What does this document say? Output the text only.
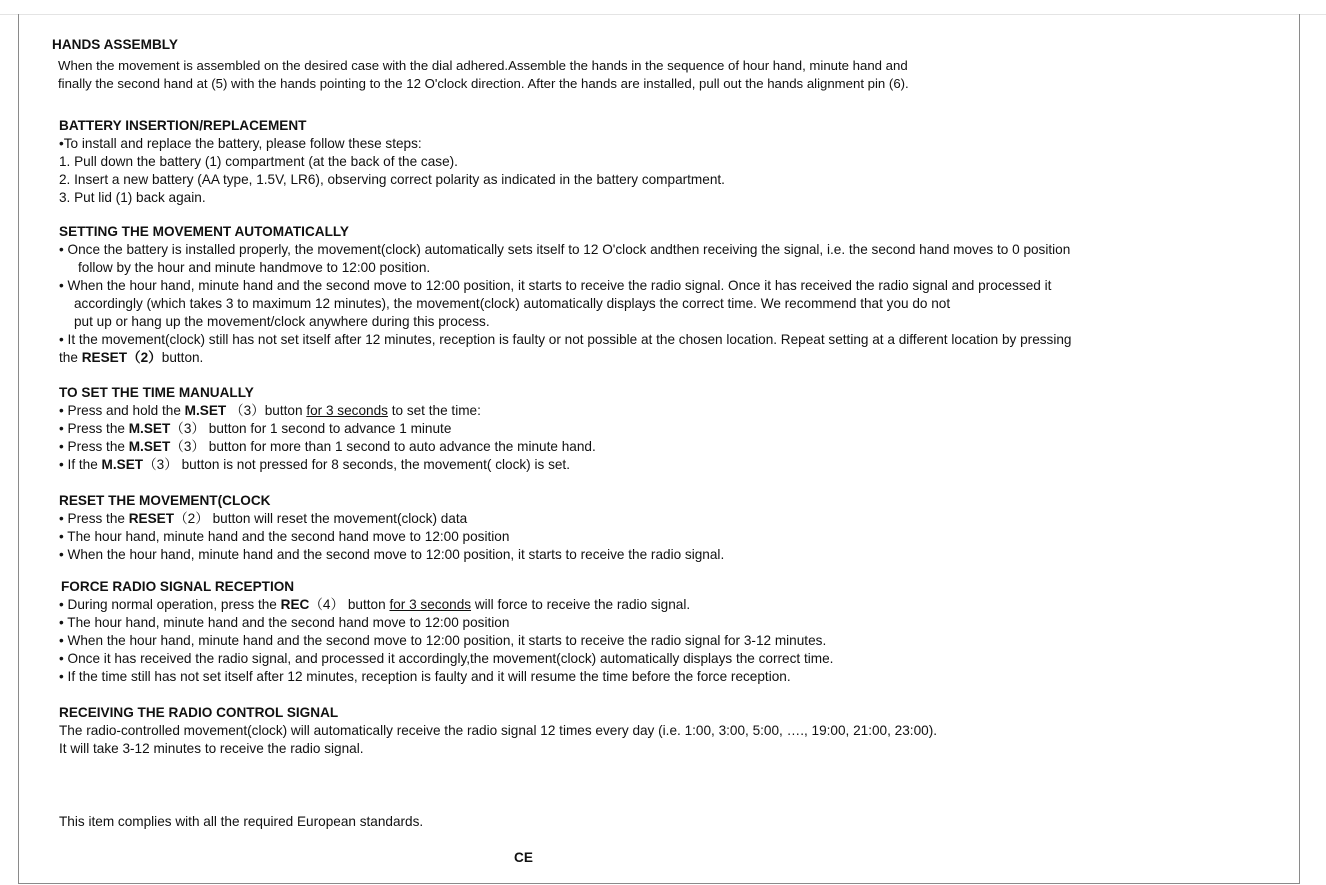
HANDS ASSEMBLY
When the movement is assembled on the desired case with the dial adhered.Assemble the hands in the sequence of hour hand, minute hand and
finally the second hand at (5) with the hands pointing to the 12 O'clock direction. After the hands are installed, pull out the hands alignment pin (6).
BATTERY INSERTION/REPLACEMENT
•To install and replace the battery, please follow these steps:
1. Pull down the battery (1) compartment (at the back of the case).
2. Insert a new battery (AA type, 1.5V, LR6), observing correct polarity as indicated in the battery compartment.
3. Put lid (1) back again.
SETTING THE MOVEMENT AUTOMATICALLY
• Once the battery is installed properly, the movement(clock) automatically sets itself to 12 O'clock andthen receiving the signal, i.e. the second hand moves to 0 position
follow by the hour and minute handmove to 12:00 position.
• When the hour hand, minute hand and the second move to 12:00 position, it starts to receive the radio signal. Once it has received the radio signal and processed it
accordingly (which takes 3 to maximum 12 minutes), the movement(clock) automatically displays the correct time. We recommend that you do not
put up or hang up the movement/clock anywhere during this process.
• It the movement(clock) still has not set itself after 12 minutes, reception is faulty or not possible at the chosen location. Repeat setting at a different location by pressing
the RESET（2）button.
TO SET THE TIME MANUALLY
• Press and hold the M.SET （3）button for 3 seconds to set the time:
• Press the M.SET（3） button for 1 second to advance 1 minute
• Press the M.SET（3） button for more than 1 second to auto advance the minute hand.
• If the M.SET（3） button is not pressed for 8 seconds, the movement( clock) is set.
RESET THE MOVEMENT(CLOCK
• Press the RESET（2） button will reset the movement(clock) data
• The hour hand, minute hand and the second hand move to 12:00 position
• When the hour hand, minute hand and the second move to 12:00 position, it starts to receive the radio signal.
FORCE RADIO SIGNAL RECEPTION
• During normal operation, press the REC（4） button for 3 seconds will force to receive the radio signal.
• The hour hand, minute hand and the second hand move to 12:00 position
• When the hour hand, minute hand and the second move to 12:00 position, it starts to receive the radio signal for 3-12 minutes.
• Once it has received the radio signal, and processed it accordingly,the movement(clock) automatically displays the correct time.
• If the time still has not set itself after 12 minutes, reception is faulty and it will resume the time before the force reception.
RECEIVING THE RADIO CONTROL SIGNAL
The radio-controlled movement(clock) will automatically receive the radio signal 12 times every day (i.e. 1:00, 3:00, 5:00, …., 19:00, 21:00, 23:00).
It will take 3-12 minutes to receive the radio signal.
This item complies with all the required European standards.
CE
